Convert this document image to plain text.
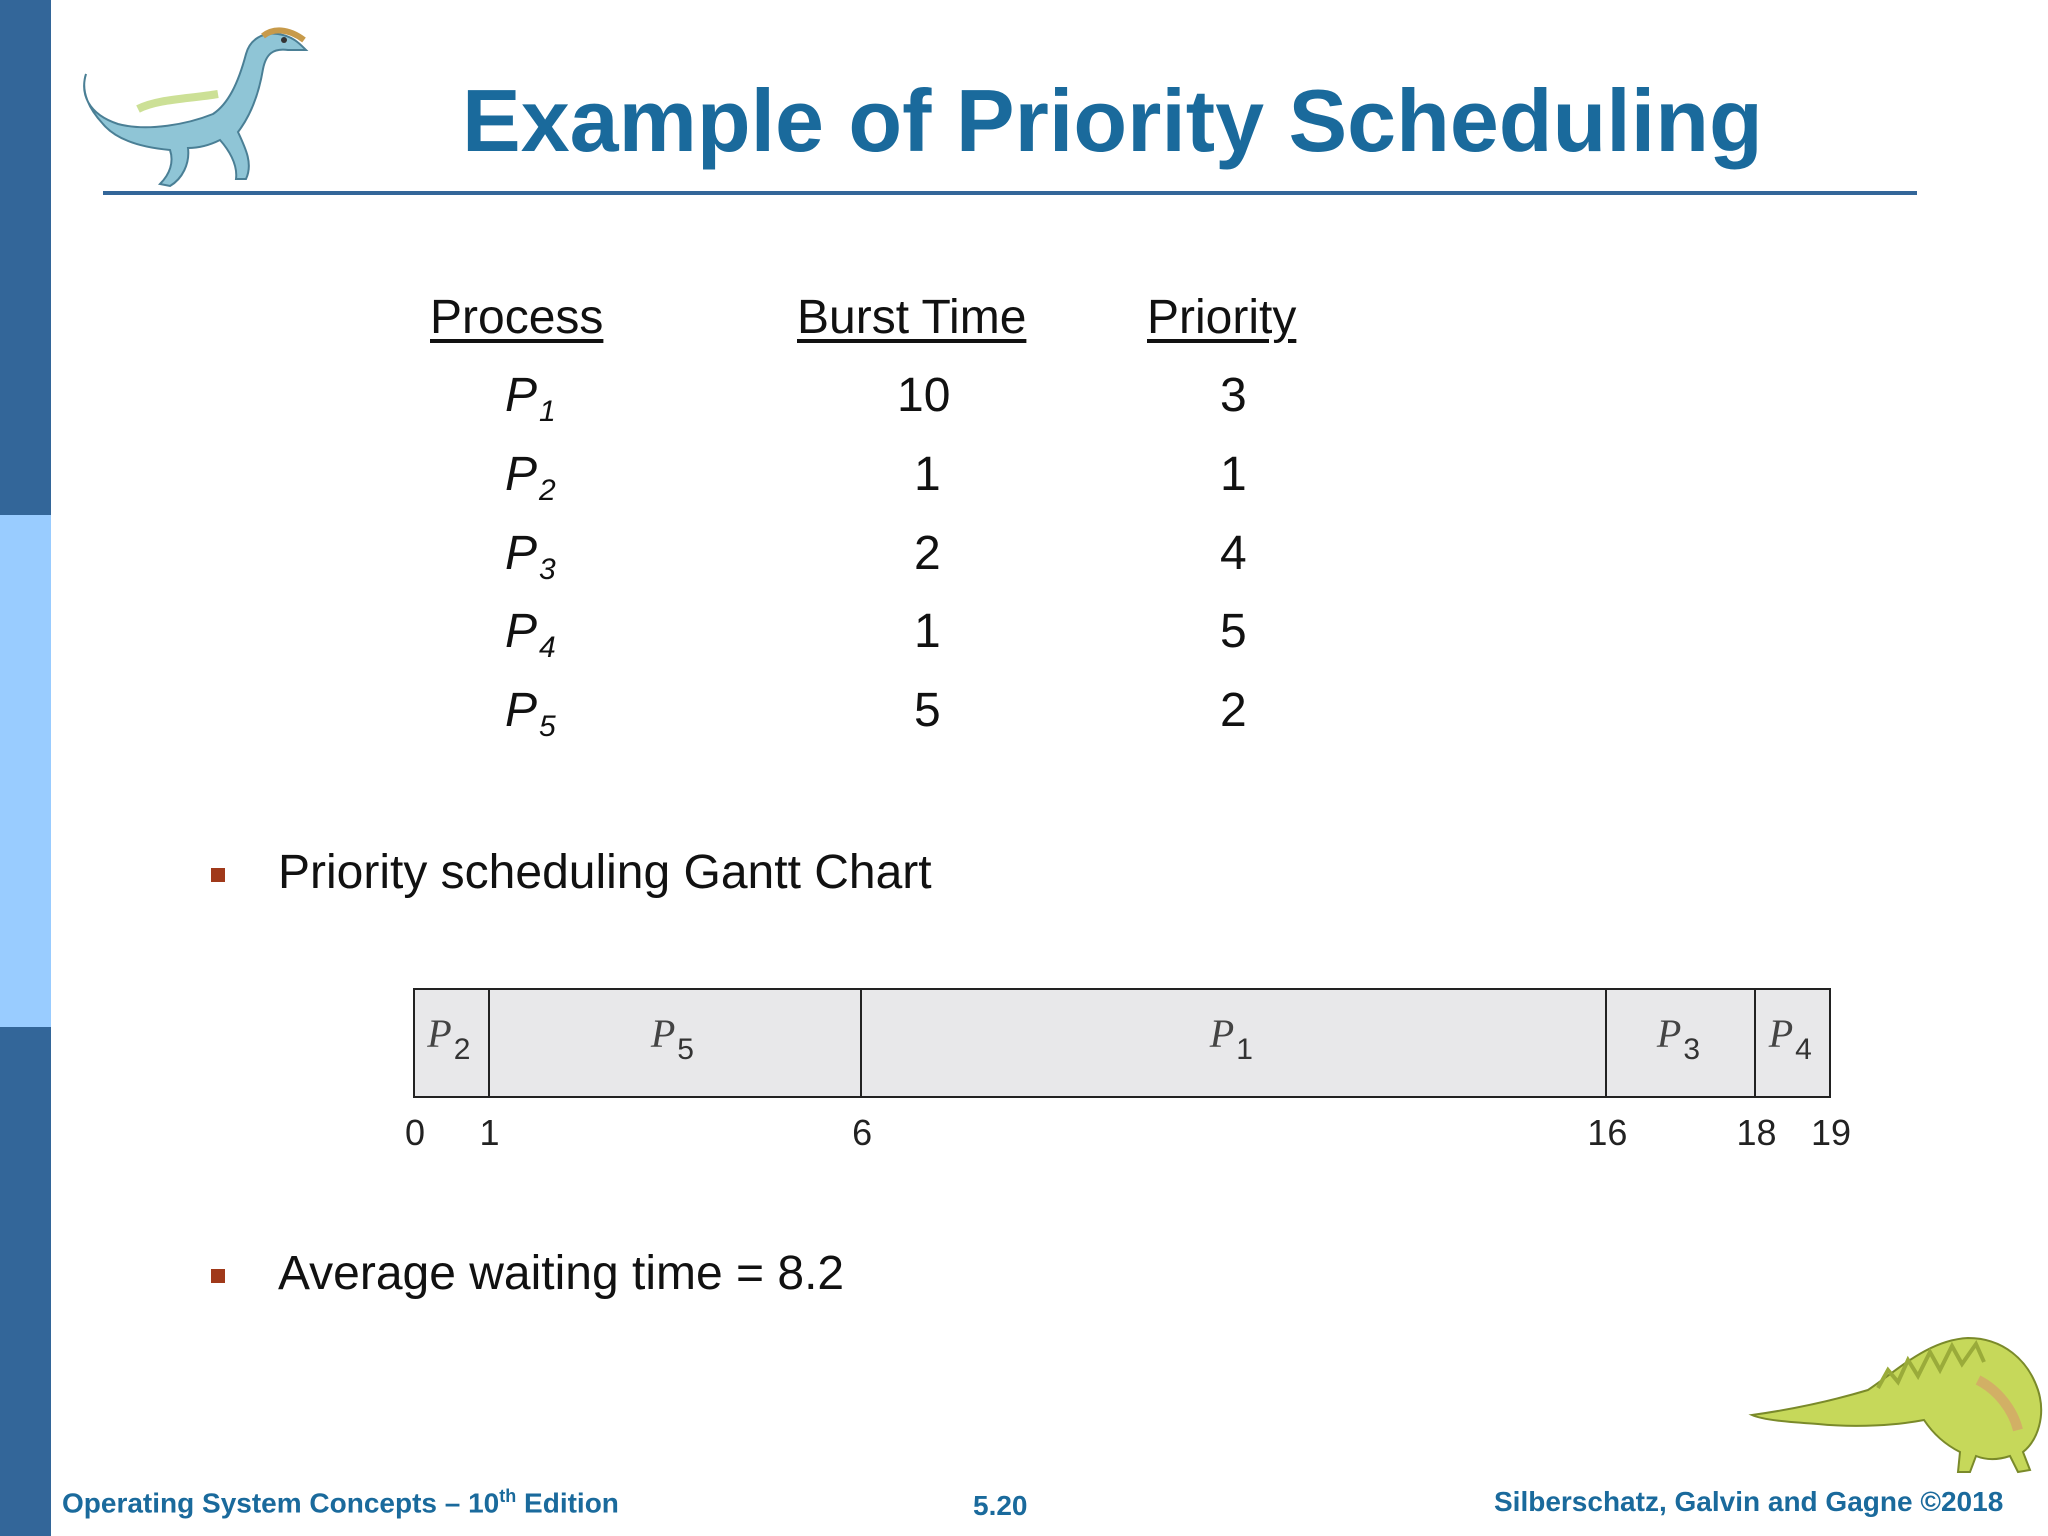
Example of Priority Scheduling
Process	Burst Time	Priority
$P_1$	10	3
$P_2$	1	1
$P_3$	2	4
$P_4$	1	5
$P_5$	5	2
Priority scheduling Gantt Chart
Average waiting time = 8.2
$P_2$	$P_5$	$P_1$	$P_3$ $P_4$
0 1	6	16	18 19
Operating System Concepts – 10th Edition	5.20	Silberschatz, Galvin and Gagne ©2018
